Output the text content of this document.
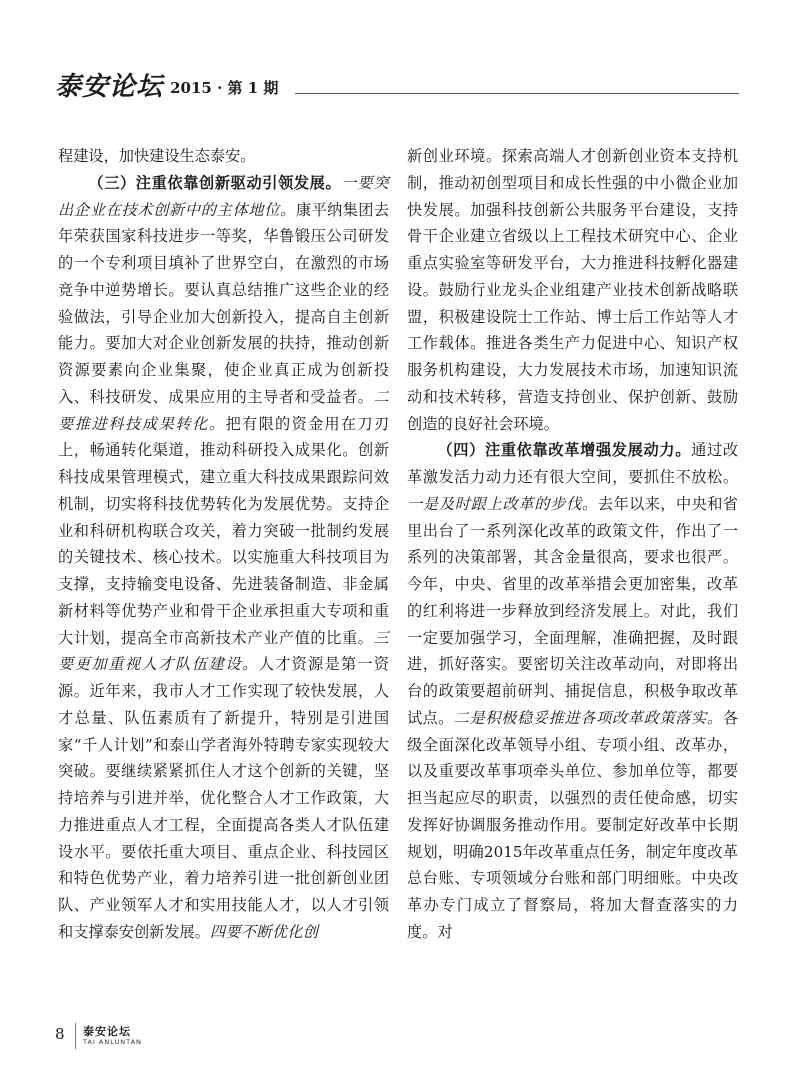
泰安论坛 2015 · 第 1 期

程建设，加快建设生态泰安。

（三）注重依靠创新驱动引领发展。一要突出企业在技术创新中的主体地位。康平纳集团去年荣获国家科技进步一等奖，华鲁锻压公司研发的一个专利项目填补了世界空白，在激烈的市场竞争中逆势增长。要认真总结推广这些企业的经验做法，引导企业加大创新投入，提高自主创新能力。要加大对企业创新发展的扶持，推动创新资源要素向企业集聚，使企业真正成为创新投入、科技研发、成果应用的主导者和受益者。二要推进科技成果转化。把有限的资金用在刀刃上，畅通转化渠道，推动科研投入成果化。创新科技成果管理模式，建立重大科技成果跟踪问效机制，切实将科技优势转化为发展优势。支持企业和科研机构联合攻关，着力突破一批制约发展的关键技术、核心技术。以实施重大科技项目为支撑，支持输变电设备、先进装备制造、非金属新材料等优势产业和骨干企业承担重大专项和重大计划，提高全市高新技术产业产值的比重。三要更加重视人才队伍建设。人才资源是第一资源。近年来，我市人才工作实现了较快发展，人才总量、队伍素质有了新提升，特别是引进国家“千人计划”和泰山学者海外特聘专家实现较大突破。要继续紧紧抓住人才这个创新的关键，坚持培养与引进并举，优化整合人才工作政策，大力推进重点人才工程，全面提高各类人才队伍建设水平。要依托重大项目、重点企业、科技园区和特色优势产业，着力培养引进一批创新创业团队、产业领军人才和实用技能人才，以人才引领和支撑泰安创新发展。四要不断优化创

新创业环境。探索高端人才创新创业资本支持机制，推动初创型项目和成长性强的中小微企业加快发展。加强科技创新公共服务平台建设，支持骨干企业建立省级以上工程技术研究中心、企业重点实验室等研发平台，大力推进科技孵化器建设。鼓励行业龙头企业组建产业技术创新战略联盟，积极建设院士工作站、博士后工作站等人才工作载体。推进各类生产力促进中心、知识产权服务机构建设，大力发展技术市场，加速知识流动和技术转移，营造支持创业、保护创新、鼓励创造的良好社会环境。

（四）注重依靠改革增强发展动力。通过改革激发活力动力还有很大空间，要抓住不放松。一是及时跟上改革的步伐。去年以来，中央和省里出台了一系列深化改革的政策文件，作出了一系列的决策部署，其含金量很高，要求也很严。今年，中央、省里的改革举措会更加密集，改革的红利将进一步释放到经济发展上。对此，我们一定要加强学习，全面理解，准确把握，及时跟进，抓好落实。要密切关注改革动向，对即将出台的政策要超前研判、捕捉信息，积极争取改革试点。二是积极稳妥推进各项改革政策落实。各级全面深化改革领导小组、专项小组、改革办，以及重要改革事项牵头单位、参加单位等，都要担当起应尽的职责，以强烈的责任使命感，切实发挥好协调服务推动作用。要制定好改革中长期规划，明确2015年改革重点任务，制定年度改革总台账、专项领域分台账和部门明细账。中央改革办专门成立了督察局，将加大督查落实的力度。对

8 泰安论坛
TAI ANLUNTAN
